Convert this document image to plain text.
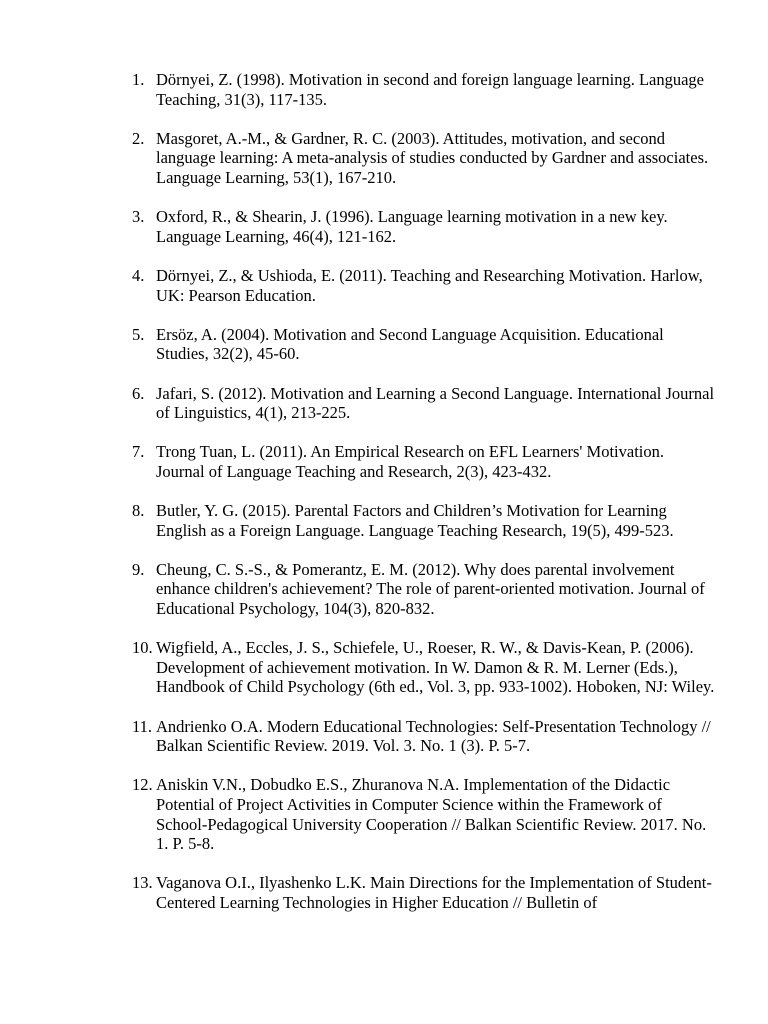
1. Dörnyei, Z. (1998). Motivation in second and foreign language learning. Language Teaching, 31(3), 117-135.
2. Masgoret, A.-M., & Gardner, R. C. (2003). Attitudes, motivation, and second language learning: A meta-analysis of studies conducted by Gardner and associates. Language Learning, 53(1), 167-210.
3. Oxford, R., & Shearin, J. (1996). Language learning motivation in a new key. Language Learning, 46(4), 121-162.
4. Dörnyei, Z., & Ushioda, E. (2011). Teaching and Researching Motivation. Harlow, UK: Pearson Education.
5. Ersöz, A. (2004). Motivation and Second Language Acquisition. Educational Studies, 32(2), 45-60.
6. Jafari, S. (2012). Motivation and Learning a Second Language. International Journal of Linguistics, 4(1), 213-225.
7. Trong Tuan, L. (2011). An Empirical Research on EFL Learners' Motivation. Journal of Language Teaching and Research, 2(3), 423-432.
8. Butler, Y. G. (2015). Parental Factors and Children’s Motivation for Learning English as a Foreign Language. Language Teaching Research, 19(5), 499-523.
9. Cheung, C. S.-S., & Pomerantz, E. M. (2012). Why does parental involvement enhance children's achievement? The role of parent-oriented motivation. Journal of Educational Psychology, 104(3), 820-832.
10. Wigfield, A., Eccles, J. S., Schiefele, U., Roeser, R. W., & Davis-Kean, P. (2006). Development of achievement motivation. In W. Damon & R. M. Lerner (Eds.), Handbook of Child Psychology (6th ed., Vol. 3, pp. 933-1002). Hoboken, NJ: Wiley.
11. Andrienko O.A. Modern Educational Technologies: Self-Presentation Technology // Balkan Scientific Review. 2019. Vol. 3. No. 1 (3). P. 5-7.
12. Aniskin V.N., Dobudko E.S., Zhuranova N.A. Implementation of the Didactic Potential of Project Activities in Computer Science within the Framework of School-Pedagogical University Cooperation // Balkan Scientific Review. 2017. No. 1. P. 5-8.
13. Vaganova O.I., Ilyashenko L.K. Main Directions for the Implementation of Student-Centered Learning Technologies in Higher Education // Bulletin of
